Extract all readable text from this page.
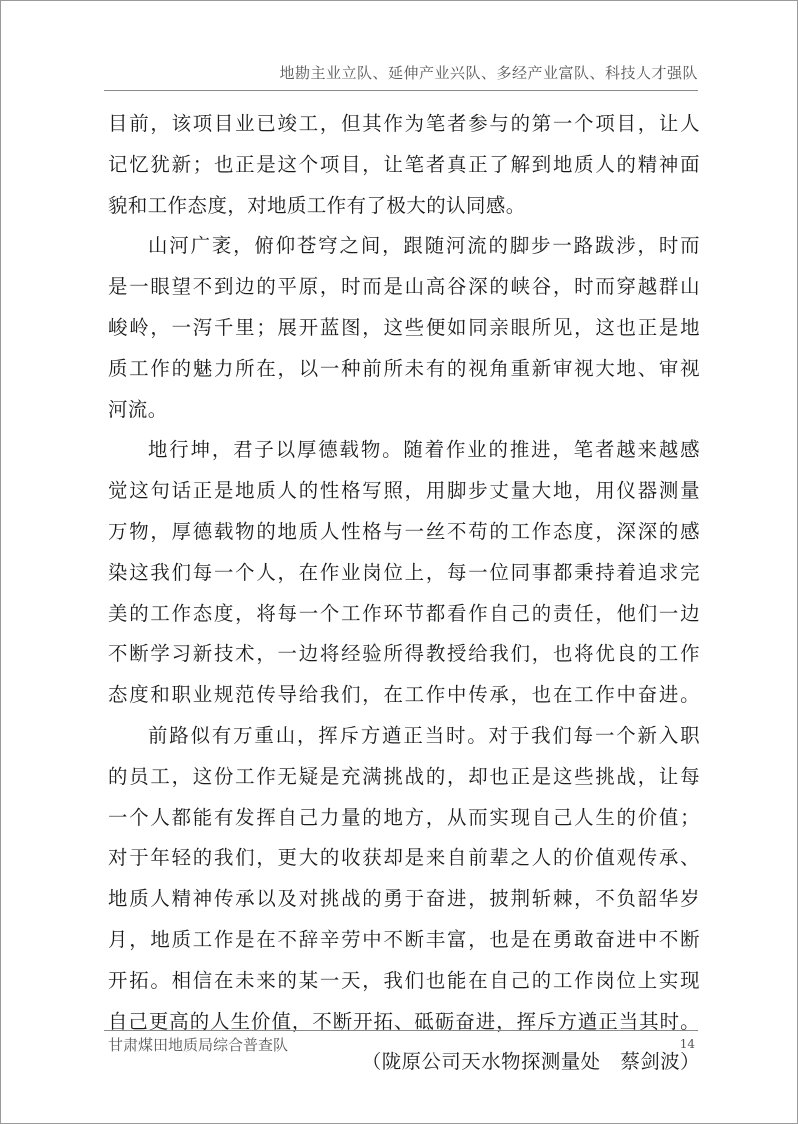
地勘主业立队、延伸产业兴队、多经产业富队、科技人才强队
目前，该项目业已竣工，但其作为笔者参与的第一个项目，让人
记忆犹新；也正是这个项目，让笔者真正了解到地质人的精神面
貌和工作态度，对地质工作有了极大的认同感。
山河广袤，俯仰苍穹之间，跟随河流的脚步一路跋涉，时而
是一眼望不到边的平原，时而是山高谷深的峡谷，时而穿越群山
峻岭，一泻千里；展开蓝图，这些便如同亲眼所见，这也正是地
质工作的魅力所在，以一种前所未有的视角重新审视大地、审视
河流。
地行坤，君子以厚德载物。随着作业的推进，笔者越来越感
觉这句话正是地质人的性格写照，用脚步丈量大地，用仪器测量
万物，厚德载物的地质人性格与一丝不苟的工作态度，深深的感
染这我们每一个人，在作业岗位上，每一位同事都秉持着追求完
美的工作态度，将每一个工作环节都看作自己的责任，他们一边
不断学习新技术，一边将经验所得教授给我们，也将优良的工作
态度和职业规范传导给我们，在工作中传承，也在工作中奋进。
前路似有万重山，挥斥方遒正当时。对于我们每一个新入职
的员工，这份工作无疑是充满挑战的，却也正是这些挑战，让每
一个人都能有发挥自己力量的地方，从而实现自己人生的价值；
对于年轻的我们，更大的收获却是来自前辈之人的价值观传承、
地质人精神传承以及对挑战的勇于奋进，披荆斩棘，不负韶华岁
月，地质工作是在不辞辛劳中不断丰富，也是在勇敢奋进中不断
开拓。相信在未来的某一天，我们也能在自己的工作岗位上实现
自己更高的人生价值，不断开拓、砥砺奋进，挥斥方遒正当其时。
（陇原公司天水物探测量处　蔡剑波）
甘肃煤田地质局综合普查队	14
